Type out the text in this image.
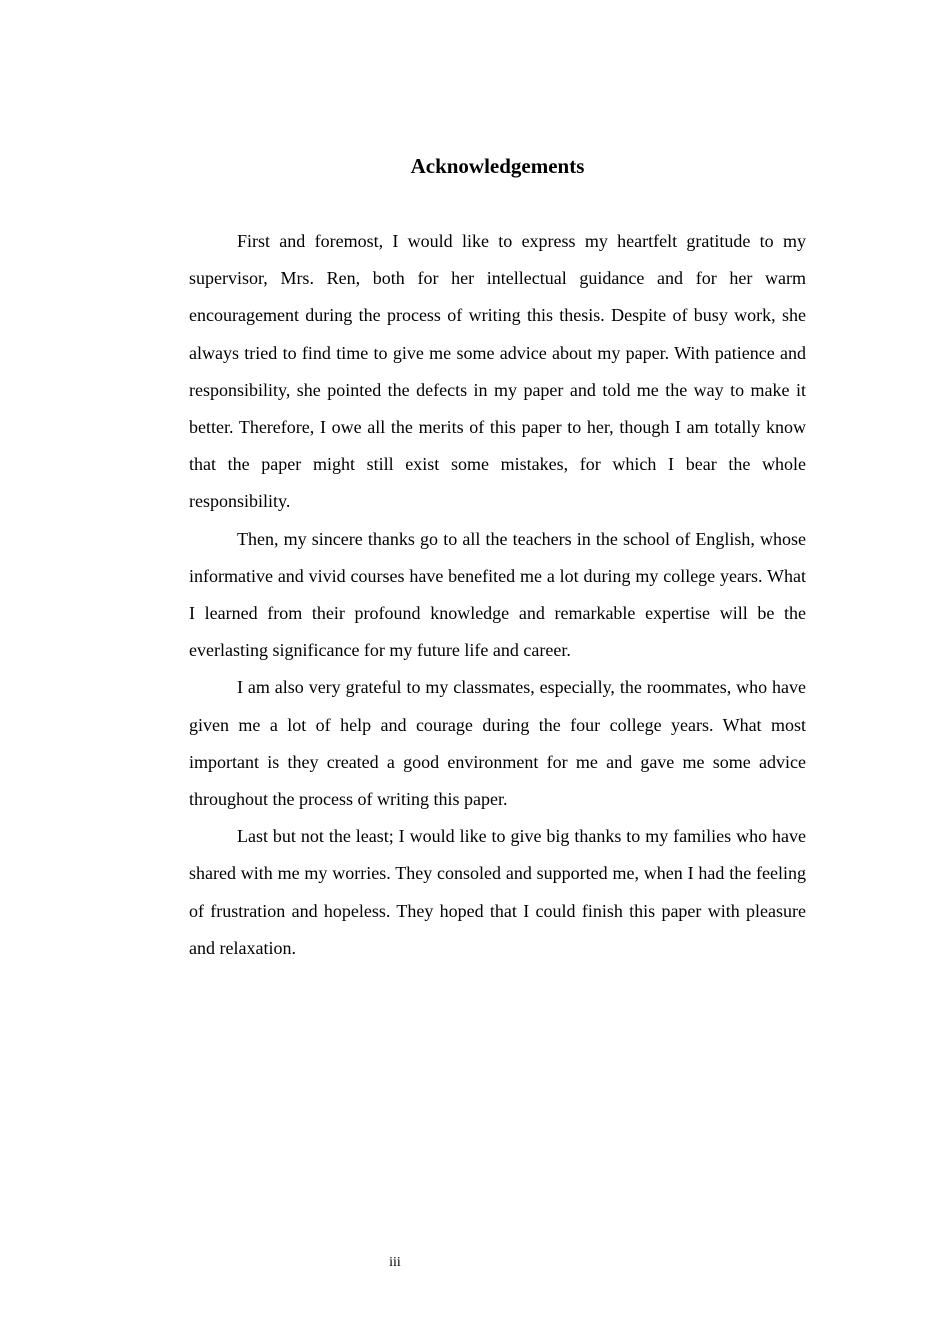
Acknowledgements

First and foremost, I would like to express my heartfelt gratitude to my supervisor, Mrs. Ren, both for her intellectual guidance and for her warm encouragement during the process of writing this thesis. Despite of busy work, she always tried to find time to give me some advice about my paper. With patience and responsibility, she pointed the defects in my paper and told me the way to make it better. Therefore, I owe all the merits of this paper to her, though I am totally know that the paper might still exist some mistakes, for which I bear the whole responsibility.

Then, my sincere thanks go to all the teachers in the school of English, whose informative and vivid courses have benefited me a lot during my college years. What I learned from their profound knowledge and remarkable expertise will be the everlasting significance for my future life and career.

I am also very grateful to my classmates, especially, the roommates, who have given me a lot of help and courage during the four college years. What most important is they created a good environment for me and gave me some advice throughout the process of writing this paper.

Last but not the least; I would like to give big thanks to my families who have shared with me my worries. They consoled and supported me, when I had the feeling of frustration and hopeless. They hoped that I could finish this paper with pleasure and relaxation.

iii
